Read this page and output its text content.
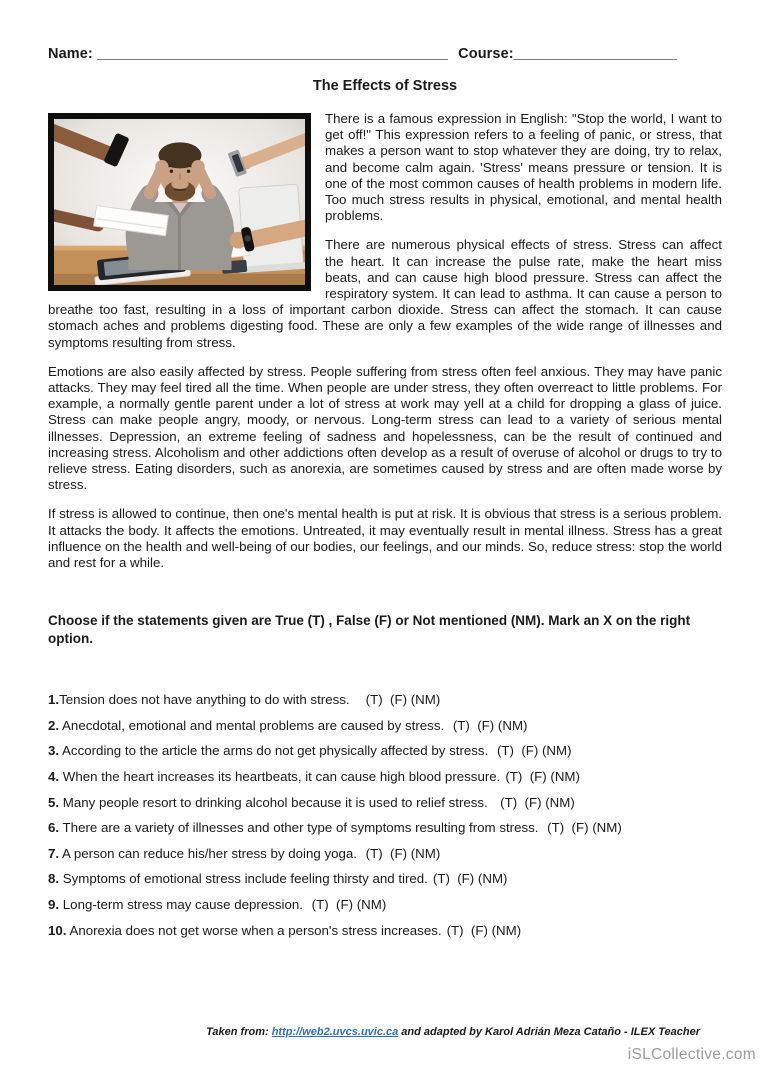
Name: ___________________________________________ Course:____________________
The Effects of Stress

There is a famous expression in English: "Stop the world, I want to get off!" This expression refers to a feeling of panic, or stress, that makes a person want to stop whatever they are doing, try to relax, and become calm again. 'Stress' means pressure or tension. It is one of the most common causes of health problems in modern life. Too much stress results in physical, emotional, and mental health problems.

There are numerous physical effects of stress. Stress can affect the heart. It can increase the pulse rate, make the heart miss beats, and can cause high blood pressure. Stress can affect the respiratory system. It can lead to asthma. It can cause a person to breathe too fast, resulting in a loss of important carbon dioxide. Stress can affect the stomach. It can cause stomach aches and problems digesting food. These are only a few examples of the wide range of illnesses and symptoms resulting from stress.

Emotions are also easily affected by stress. People suffering from stress often feel anxious. They may have panic attacks. They may feel tired all the time. When people are under stress, they often overreact to little problems. For example, a normally gentle parent under a lot of stress at work may yell at a child for dropping a glass of juice. Stress can make people angry, moody, or nervous. Long-term stress can lead to a variety of serious mental illnesses. Depression, an extreme feeling of sadness and hopelessness, can be the result of continued and increasing stress. Alcoholism and other addictions often develop as a result of overuse of alcohol or drugs to try to relieve stress. Eating disorders, such as anorexia, are sometimes caused by stress and are often made worse by stress.

If stress is allowed to continue, then one's mental health is put at risk. It is obvious that stress is a serious problem. It attacks the body. It affects the emotions. Untreated, it may eventually result in mental illness. Stress has a great influence on the health and well-being of our bodies, our feelings, and our minds. So, reduce stress: stop the world and rest for a while.

Choose if the statements given are True (T) , False (F) or Not mentioned (NM). Mark an X on the right option.
1.Tension does not have anything to do with stress.   (T)  (F) (NM)
2. Anecdotal, emotional and mental problems are caused by stress. (T)  (F) (NM)
3. According to the article the arms do not get physically affected by stress. (T)  (F) (NM)
4. When the heart increases its heartbeats, it can cause high blood pressure. (T)  (F) (NM)
5. Many people resort to drinking alcohol because it is used to relief stress.  (T)  (F) (NM)
6. There are a variety of illnesses and other type of symptoms resulting from stress. (T)  (F) (NM)
7. A person can reduce his/her stress by doing yoga. (T)  (F) (NM)
8. Symptoms of emotional stress include feeling thirsty and tired. (T)  (F) (NM)
9. Long-term stress may cause depression. (T)  (F) (NM)
10. Anorexia does not get worse when a person's stress increases. (T)  (F) (NM)
Taken from: http://web2.uvcs.uvic.ca and adapted by Karol Adrián Meza Cataño - ILEX Teacher
iSLCollective.com
